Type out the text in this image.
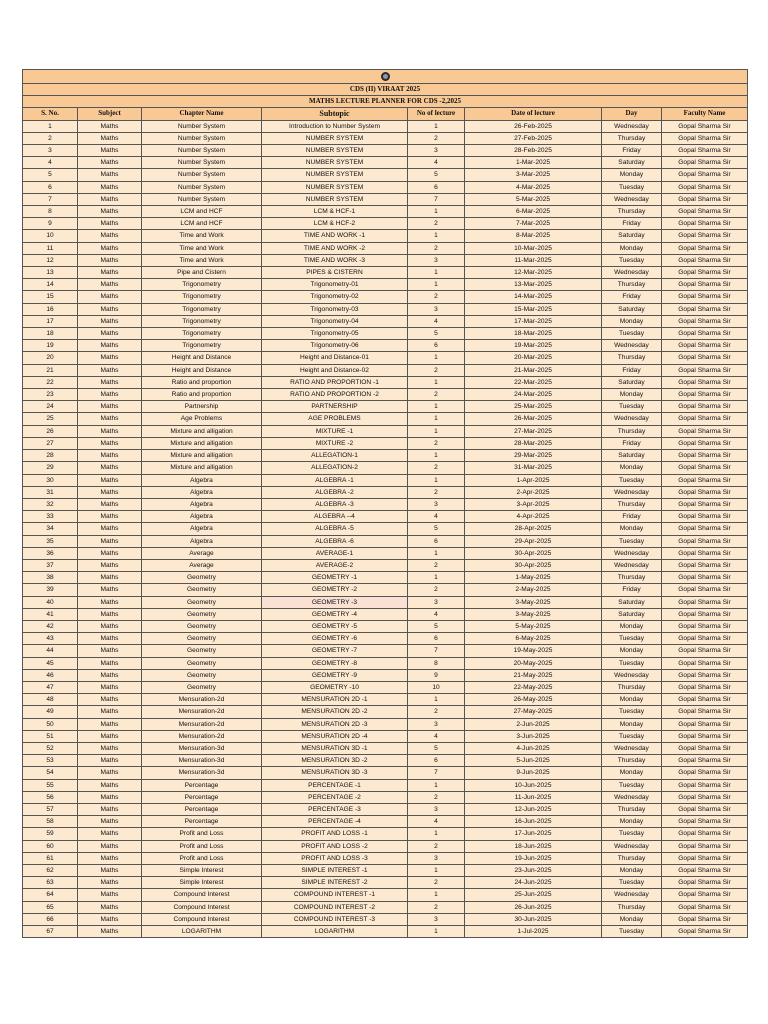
CDS (II) VIRAAT 2025							
MATHS LECTURE PLANNER FOR CDS -2,2025							
S. No.	Subject	Chapter Name	Subtopic	No of lecture	Date of lecture	Day	Faculty Name
1	Maths	Number System	Introduction to Number System	1	26-Feb-2025	Wednesday	Gopal Sharma Sir
2	Maths	Number System	NUMBER SYSTEM	2	27-Feb-2025	Thursday	Gopal Sharma Sir
3	Maths	Number System	NUMBER SYSTEM	3	28-Feb-2025	Friday	Gopal Sharma Sir
4	Maths	Number System	NUMBER SYSTEM	4	1-Mar-2025	Saturday	Gopal Sharma Sir
5	Maths	Number System	NUMBER SYSTEM	5	3-Mar-2025	Monday	Gopal Sharma Sir
6	Maths	Number System	NUMBER SYSTEM	6	4-Mar-2025	Tuesday	Gopal Sharma Sir
7	Maths	Number System	NUMBER SYSTEM	7	5-Mar-2025	Wednesday	Gopal Sharma Sir
8	Maths	LCM and HCF	LCM & HCF-1	1	6-Mar-2025	Thursday	Gopal Sharma Sir
9	Maths	LCM and HCF	LCM & HCF-2	2	7-Mar-2025	Friday	Gopal Sharma Sir
10	Maths	Time and Work	TIME AND WORK -1	1	8-Mar-2025	Saturday	Gopal Sharma Sir
11	Maths	Time and Work	TIME AND WORK -2	2	10-Mar-2025	Monday	Gopal Sharma Sir
12	Maths	Time and Work	TIME AND WORK -3	3	11-Mar-2025	Tuesday	Gopal Sharma Sir
13	Maths	Pipe and Cistern	PIPES & CISTERN	1	12-Mar-2025	Wednesday	Gopal Sharma Sir
14	Maths	Trigonometry	Trigonometry-01	1	13-Mar-2025	Thursday	Gopal Sharma Sir
15	Maths	Trigonometry	Trigonometry-02	2	14-Mar-2025	Friday	Gopal Sharma Sir
16	Maths	Trigonometry	Trigonometry-03	3	15-Mar-2025	Saturday	Gopal Sharma Sir
17	Maths	Trigonometry	Trigonometry-04	4	17-Mar-2025	Monday	Gopal Sharma Sir
18	Maths	Trigonometry	Trigonometry-05	5	18-Mar-2025	Tuesday	Gopal Sharma Sir
19	Maths	Trigonometry	Trigonometry-06	6	19-Mar-2025	Wednesday	Gopal Sharma Sir
20	Maths	Height and Distance	Height and Distance-01	1	20-Mar-2025	Thursday	Gopal Sharma Sir
21	Maths	Height and Distance	Height and Distance-02	2	21-Mar-2025	Friday	Gopal Sharma Sir
22	Maths	Ratio and proportion	RATIO AND PROPORTION -1	1	22-Mar-2025	Saturday	Gopal Sharma Sir
23	Maths	Ratio and proportion	RATIO AND PROPORTION -2	2	24-Mar-2025	Monday	Gopal Sharma Sir
24	Maths	Partnership	PARTNERSHIP	1	25-Mar-2025	Tuesday	Gopal Sharma Sir
25	Maths	Age Problems	AGE PROBLEMS	1	26-Mar-2025	Wednesday	Gopal Sharma Sir
26	Maths	Mixture and alligation	MIXTURE -1	1	27-Mar-2025	Thursday	Gopal Sharma Sir
27	Maths	Mixture and alligation	MIXTURE -2	2	28-Mar-2025	Friday	Gopal Sharma Sir
28	Maths	Mixture and alligation	ALLEGATION-1	1	29-Mar-2025	Saturday	Gopal Sharma Sir
29	Maths	Mixture and alligation	ALLEGATION-2	2	31-Mar-2025	Monday	Gopal Sharma Sir
30	Maths	Algebra	ALGEBRA -1	1	1-Apr-2025	Tuesday	Gopal Sharma Sir
31	Maths	Algebra	ALGEBRA -2	2	2-Apr-2025	Wednesday	Gopal Sharma Sir
32	Maths	Algebra	ALGEBRA -3	3	3-Apr-2025	Thursday	Gopal Sharma Sir
33	Maths	Algebra	ALGEBRA --4	4	4-Apr-2025	Friday	Gopal Sharma Sir
34	Maths	Algebra	ALGEBRA -5	5	28-Apr-2025	Monday	Gopal Sharma Sir
35	Maths	Algebra	ALGEBRA -6	6	29-Apr-2025	Tuesday	Gopal Sharma Sir
36	Maths	Average	AVERAGE-1	1	30-Apr-2025	Wednesday	Gopal Sharma Sir
37	Maths	Average	AVERAGE-2	2	30-Apr-2025	Wednesday	Gopal Sharma Sir
38	Maths	Geometry	GEOMETRY -1	1	1-May-2025	Thursday	Gopal Sharma Sir
39	Maths	Geometry	GEOMETRY -2	2	2-May-2025	Friday	Gopal Sharma Sir
40	Maths	Geometry	GEOMETRY -3	3	3-May-2025	Saturday	Gopal Sharma Sir
41	Maths	Geometry	GEOMETRY -4	4	3-May-2025	Saturday	Gopal Sharma Sir
42	Maths	Geometry	GEOMETRY -5	5	5-May-2025	Monday	Gopal Sharma Sir
43	Maths	Geometry	GEOMETRY -6	6	6-May-2025	Tuesday	Gopal Sharma Sir
44	Maths	Geometry	GEOMETRY -7	7	19-May-2025	Monday	Gopal Sharma Sir
45	Maths	Geometry	GEOMETRY -8	8	20-May-2025	Tuesday	Gopal Sharma Sir
46	Maths	Geometry	GEOMETRY -9	9	21-May-2025	Wednesday	Gopal Sharma Sir
47	Maths	Geometry	GEOMETRY -10	10	22-May-2025	Thursday	Gopal Sharma Sir
48	Maths	Mensuration-2d	MENSURATION 2D -1	1	26-May-2025	Monday	Gopal Sharma Sir
49	Maths	Mensuration-2d	MENSURATION 2D -2	2	27-May-2025	Tuesday	Gopal Sharma Sir
50	Maths	Mensuration-2d	MENSURATION 2D -3	3	2-Jun-2025	Monday	Gopal Sharma Sir
51	Maths	Mensuration-2d	MENSURATION 2D -4	4	3-Jun-2025	Tuesday	Gopal Sharma Sir
52	Maths	Mensuration-3d	MENSURATION 3D -1	5	4-Jun-2025	Wednesday	Gopal Sharma Sir
53	Maths	Mensuration-3d	MENSURATION 3D -2	6	5-Jun-2025	Thursday	Gopal Sharma Sir
54	Maths	Mensuration-3d	MENSURATION 3D -3	7	9-Jun-2025	Monday	Gopal Sharma Sir
55	Maths	Percentage	PERCENTAGE -1	1	10-Jun-2025	Tuesday	Gopal Sharma Sir
56	Maths	Percentage	PERCENTAGE -2	2	11-Jun-2025	Wednesday	Gopal Sharma Sir
57	Maths	Percentage	PERCENTAGE -3	3	12-Jun-2025	Thursday	Gopal Sharma Sir
58	Maths	Percentage	PERCENTAGE -4	4	16-Jun-2025	Monday	Gopal Sharma Sir
59	Maths	Profit and Loss	PROFIT AND LOSS -1	1	17-Jun-2025	Tuesday	Gopal Sharma Sir
60	Maths	Profit and Loss	PROFIT AND LOSS -2	2	18-Jun-2025	Wednesday	Gopal Sharma Sir
61	Maths	Profit and Loss	PROFIT AND LOSS -3	3	19-Jun-2025	Thursday	Gopal Sharma Sir
62	Maths	Simple Interest	SIMPLE INTEREST -1	1	23-Jun-2025	Monday	Gopal Sharma Sir
63	Maths	Simple Interest	SIMPLE INTEREST -2	2	24-Jun-2025	Tuesday	Gopal Sharma Sir
64	Maths	Compound Interest	COMPOUND INTEREST -1	1	25-Jun-2025	Wednesday	Gopal Sharma Sir
65	Maths	Compound Interest	COMPOUND INTEREST -2	2	26-Jun-2025	Thursday	Gopal Sharma Sir
66	Maths	Compound Interest	COMPOUND INTEREST -3	3	30-Jun-2025	Monday	Gopal Sharma Sir
67	Maths	LOGARITHM	LOGARITHM	1	1-Jul-2025	Tuesday	Gopal Sharma Sir
